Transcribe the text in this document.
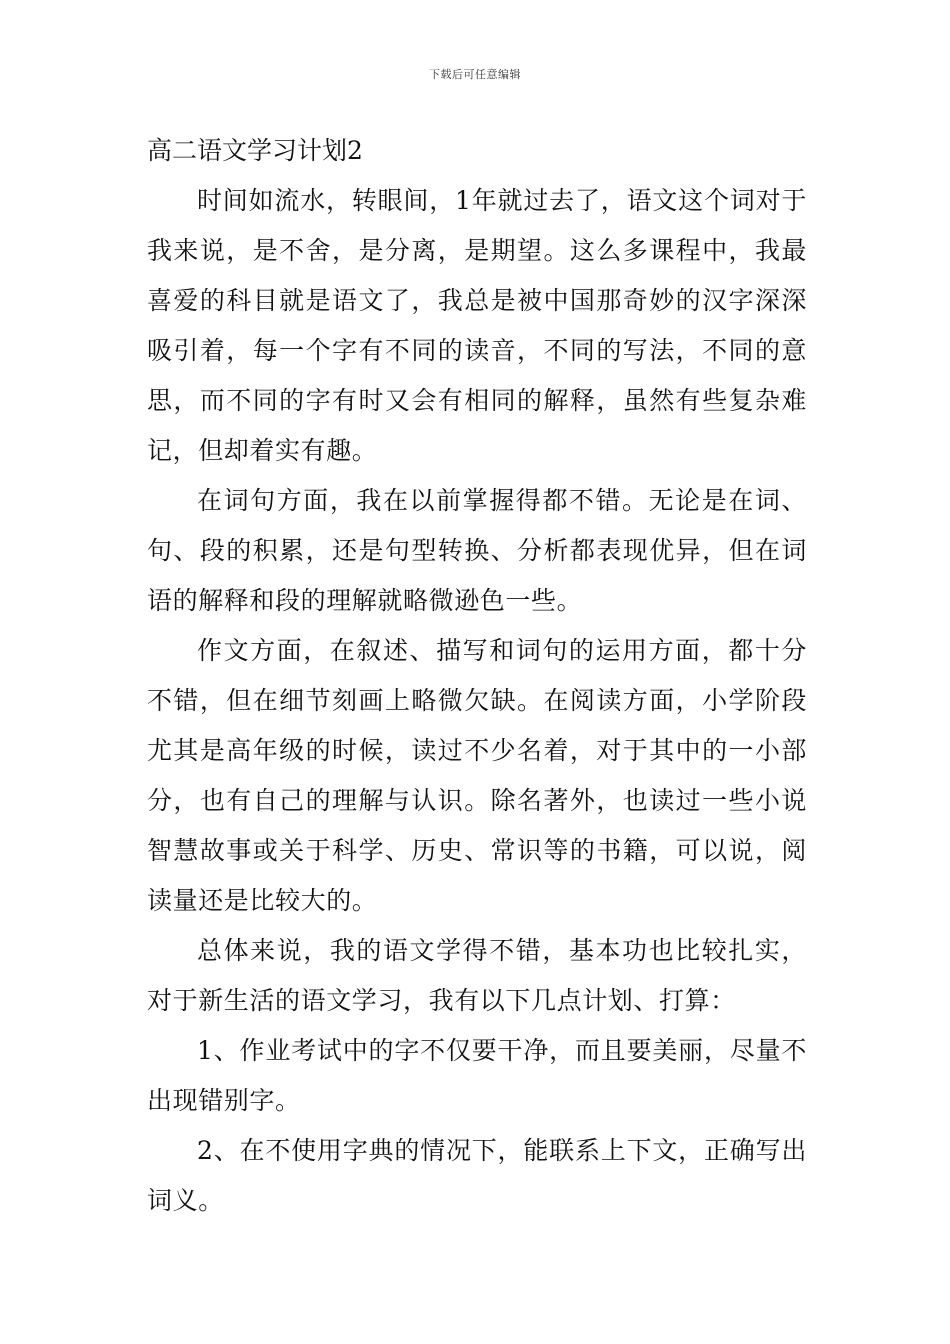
下载后可任意编辑

高二语文学习计划2

时间如流水，转眼间，1年就过去了，语文这个词对于我来说，是不舍，是分离，是期望。这么多课程中，我最喜爱的科目就是语文了，我总是被中国那奇妙的汉字深深吸引着，每一个字有不同的读音，不同的写法，不同的意思，而不同的字有时又会有相同的解释，虽然有些复杂难记，但却着实有趣。

在词句方面，我在以前掌握得都不错。无论是在词、句、段的积累，还是句型转换、分析都表现优异，但在词语的解释和段的理解就略微逊色一些。

作文方面，在叙述、描写和词句的运用方面，都十分不错，但在细节刻画上略微欠缺。在阅读方面，小学阶段尤其是高年级的时候，读过不少名着，对于其中的一小部分，也有自己的理解与认识。除名著外，也读过一些小说智慧故事或关于科学、历史、常识等的书籍，可以说，阅读量还是比较大的。

总体来说，我的语文学得不错，基本功也比较扎实，对于新生活的语文学习，我有以下几点计划、打算：

1、作业考试中的字不仅要干净，而且要美丽，尽量不出现错别字。

2、在不使用字典的情况下，能联系上下文，正确写出词义。
